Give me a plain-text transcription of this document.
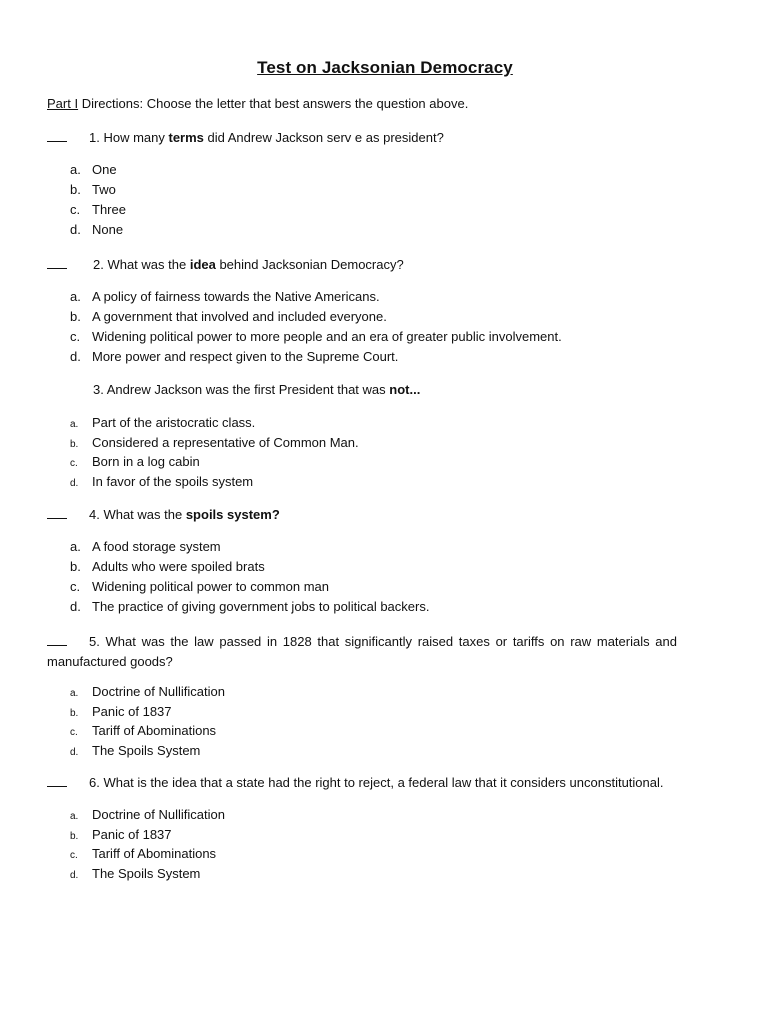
Test on Jacksonian Democracy
Part I Directions: Choose the letter that best answers the question above.
1. How many terms did Andrew Jackson serv e as president?
a. One
b. Two
c. Three
d. None
2. What was the idea behind Jacksonian Democracy?
a. A policy of fairness towards the Native Americans.
b. A government that involved and included everyone.
c. Widening political power to more people and an era of greater public involvement.
d. More power and respect given to the Supreme Court.
3. Andrew Jackson was the first President that was not...
a. Part of the aristocratic class.
b. Considered a representative of Common Man.
c. Born in a log cabin
d. In favor of the spoils system
4. What was the spoils system?
a. A food storage system
b. Adults who were spoiled brats
c. Widening political power to common man
d. The practice of giving government jobs to political backers.
5. What was the law passed in 1828 that significantly raised taxes or tariffs on raw materials and manufactured goods?
a. Doctrine of Nullification
b. Panic of 1837
c. Tariff of Abominations
d. The Spoils System
6. What is the idea that a state had the right to reject, a federal law that it considers unconstitutional.
a. Doctrine of Nullification
b. Panic of 1837
c. Tariff of Abominations
d. The Spoils System
